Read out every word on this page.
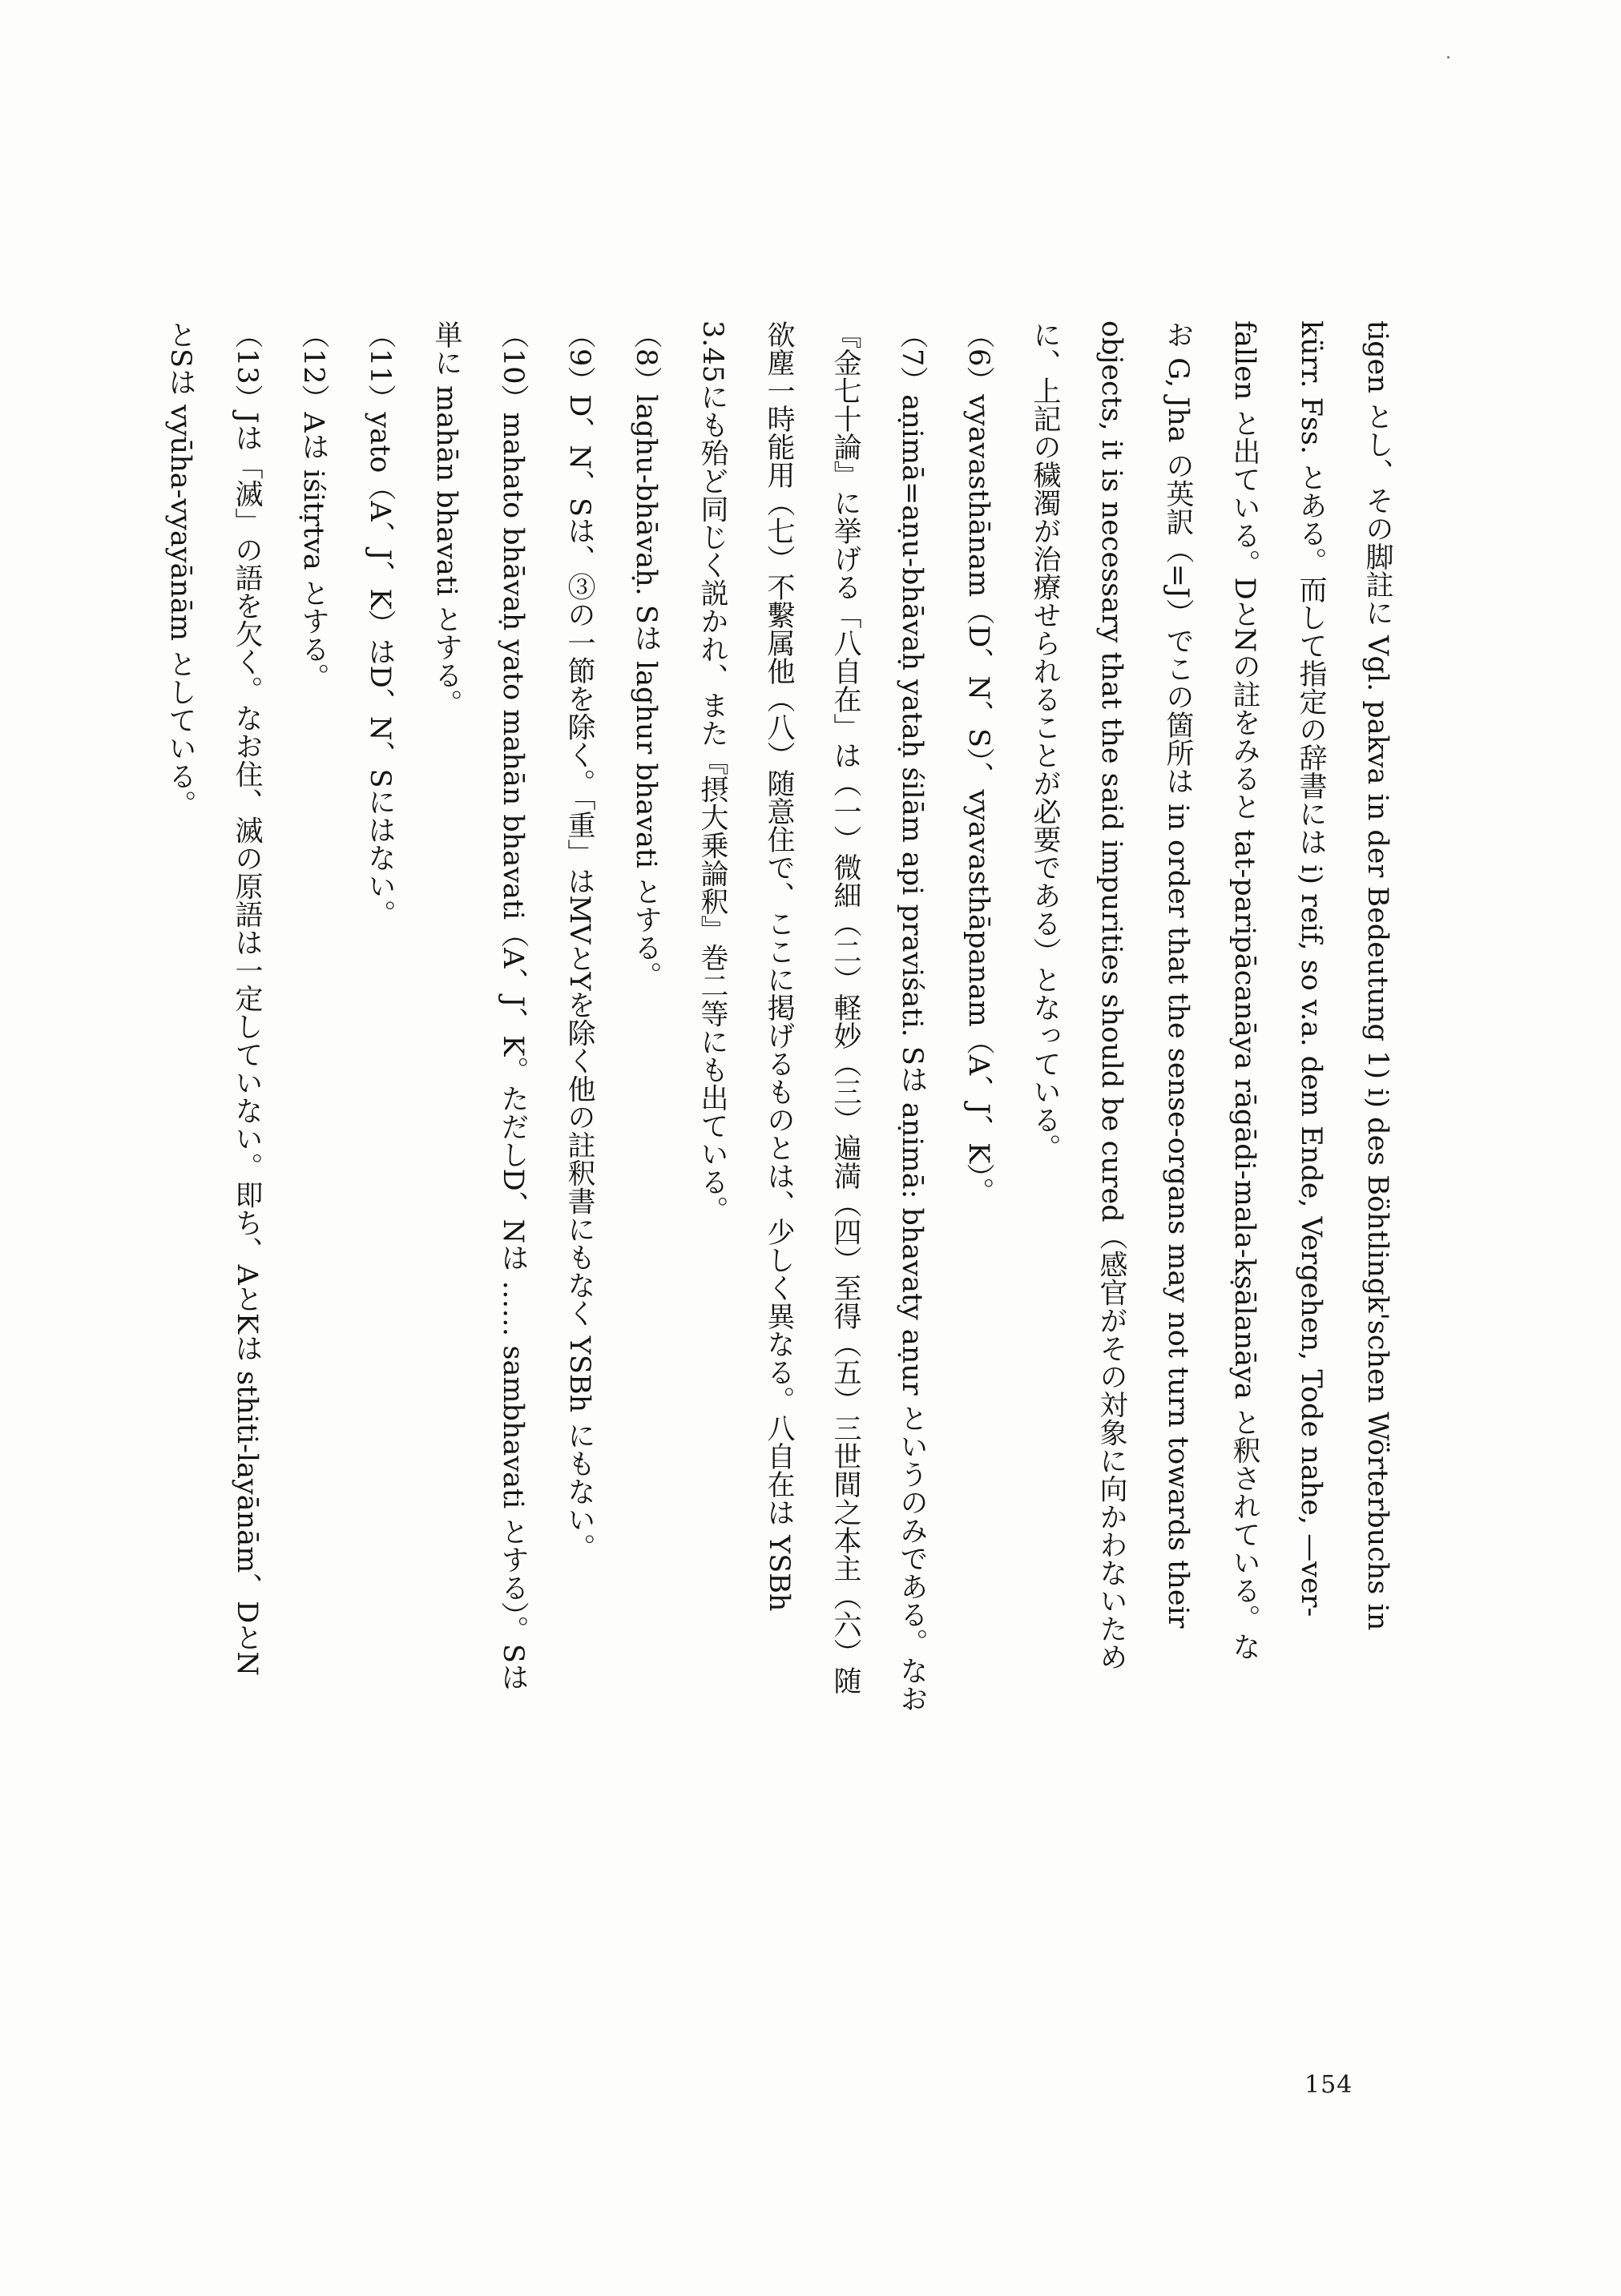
tigen とし、その脚註に Vgl. pakva in der Bedeutung 1) i) des Böhtlingk'schen Wörterbuchs in
kürr. Fss. とある。而して指定の辞書には i) reif, so v.a. dem Ende, Vergehen, Tode nahe, —ver-
fallen と出ている。DとNの註をみると tat-paripācanāya rāgādi-mala-kṣālanāya と釈されている。な
お G, Jha の英訳（=J）でこの箇所は in order that the sense-organs may not turn towards their
objects, it is necessary that the said impurities should be cured（感官がその対象に向かわないため
に、上記の穢濁が治療せられることが必要である）となっている。
（6）vyavasthānam（D、N、S）、vyavasthāpanam（A、J、K）。
（7）aṇimā=aṇu-bhāvaḥ yataḥ śilām api praviśati. Sは aṇimā: bhavaty aṇur というのみである。なお
『金七十論』に挙げる「八自在」は（一）微細（二）軽妙（三）遍満（四）至得（五）三世間之本主（六）随
欲塵一時能用（七）不繫属他（八）随意住で、ここに掲げるものとは、少しく異なる。八自在は YSBh
3.45にも殆ど同じく説かれ、また『摂大乗論釈』巻二等にも出ている。
（8）laghu-bhāvaḥ. Sは laghur bhavati とする。
（9）D、N、Sは、③の一節を除く。「重」はMVとYを除く他の註釈書にもなく YSBh にもない。
（10）mahato bhāvaḥ yato mahān bhavati（A、J、K。ただしD、Nは …… sambhavati とする）。Sは
単に mahān bhavati とする。
（11）yato（A、J、K）はD、N、Sにはない。
（12）Aは iśitṛtva とする。
（13）Jは「滅」の語を欠く。なお住、滅の原語は一定していない。即ち、AとKは sthiti-layānām、DとN
とSは vyūha-vyayānām としている。
154
